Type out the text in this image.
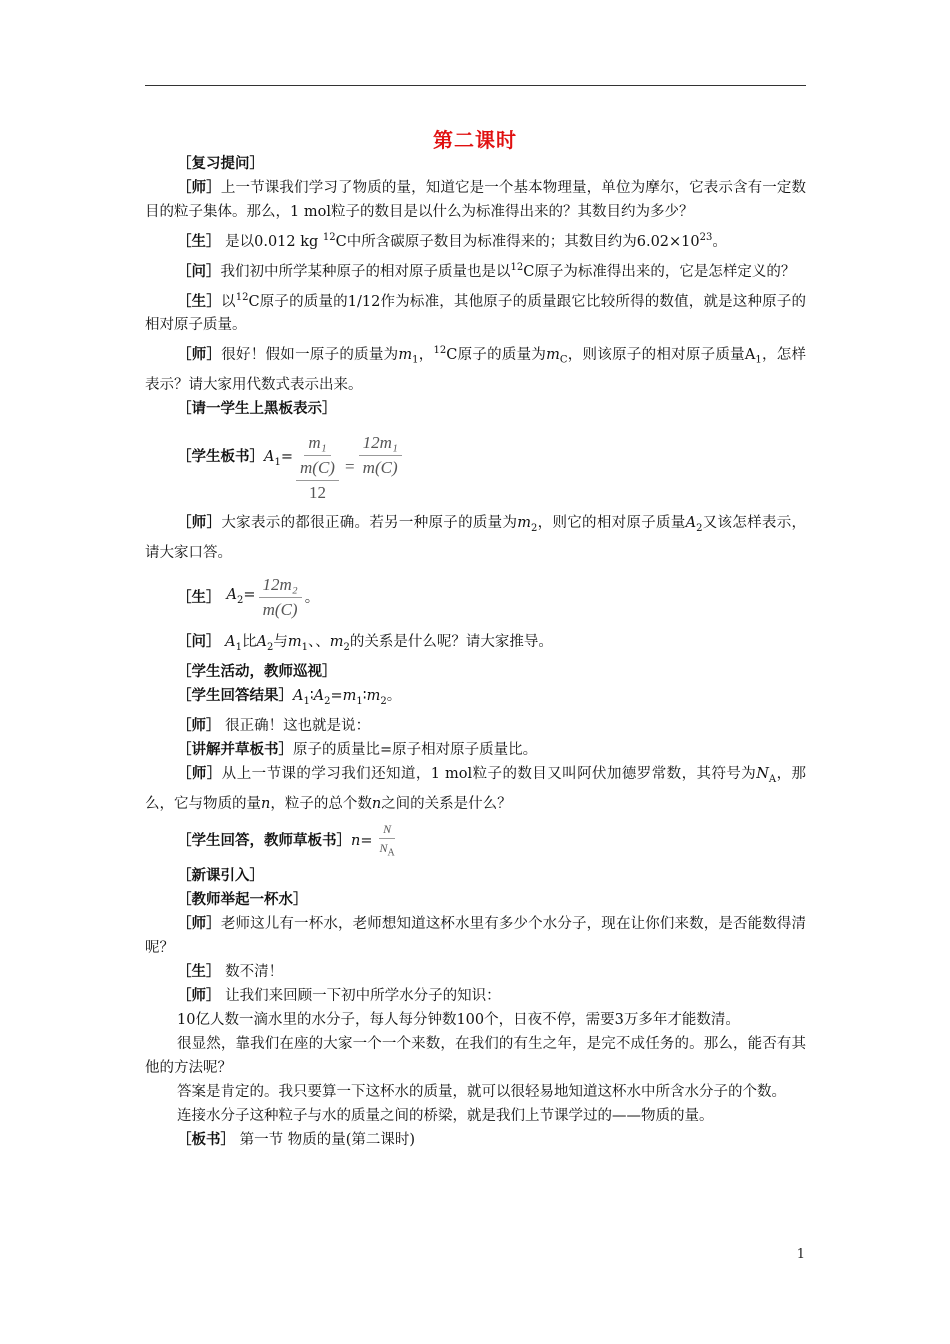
第二课时

［复习提问］

［师］上一节课我们学习了物质的量，知道它是一个基本物理量，单位为摩尔，它表示含有一定数目的粒子集体。那么，1 mol粒子的数目是以什么为标准得出来的？其数目约为多少？

［生］ 是以0.012 kg $^{12}$C中所含碳原子数目为标准得来的；其数目约为$6.02\times 10^{23}$。

［问］我们初中所学某种原子的相对原子质量也是以$^{12}$C原子为标准得出来的，它是怎样定义的？

［生］以$^{12}$C原子的质量的1/12作为标准，其他原子的质量跟它比较所得的数值，就是这种原子的相对原子质量。

［师］很好！假如一原子的质量为$m_1$，$^{12}$C原子的质量为$m_C$，则该原子的相对原子质量$A_1$，怎样表示？请大家用代数式表示出来。

［请一学生上黑板表示］

［学生板书］ $A_1= m_1$
m(C)
$12 = \frac{\text{12m₁}}{m(C)}$

［师］大家表示的都很正确。若另一种原子的质量为$m_2$，则它的相对原子质量$A_2$又该怎样表示，请大家口答。

［生］ $A_2= \frac{\text{12m₂}}{m(C)}$ 。

［问］ $A_1$比$A_2$与$m_1$、、$m_2$的关系是什么呢？请大家推导。

［学生活动，教师巡视］

［学生回答结果$]A_1∶A_2=m_1∶m_2$。

［师］ 很正确！这也就是说：

［讲解并草板书］原子的质量比=原子相对原子质量比。

［师］从上一节课的学习我们还知道，1 mol粒子的数目又叫阿伏加德罗常数，其符号为$N_A$，那么，它与物质的量n，粒子的总个数n之间的关系是什么？

［学生回答，教师草板书］ $n= \frac{N}{N_A}$

［新课引入］

［教师举起一杯水］

［师］老师这儿有一杯水，老师想知道这杯水里有多少个水分子，现在让你们来数，是否能数得清呢？

［生］ 数不清！

［师］ 让我们来回顾一下初中所学水分子的知识：

10亿人数一滴水里的水分子，每人每分钟数100个，日夜不停，需要3万多年才能数清。

很显然，靠我们在座的大家一个一个来数，在我们的有生之年，是完不成任务的。那么，能否有其他的方法呢？

答案是肯定的。我只要算一下这杯水的质量，就可以很轻易地知道这杯水中所含水分子的个数。

连接水分子这种粒子与水的质量之间的桥梁，就是我们上节课学过的——物质的量。

［板书］ 第一节 物质的量(第二课时)

1
